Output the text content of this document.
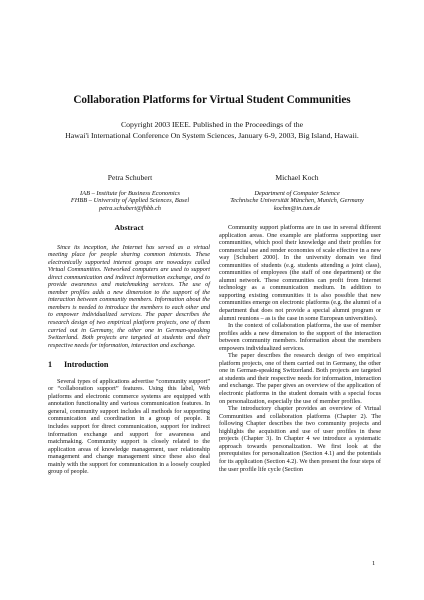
Collaboration Platforms for Virtual Student Communities
Copyright 2003 IEEE. Published in the Proceedings of the
Hawai'i International Conference On System Sciences, January 6-9, 2003, Big Island, Hawaii.
Petra Schubert
IAB – Institute for Business Economics
FHBB – University of Applied Sciences, Basel
petra.schubert@fhbb.ch
Michael Koch
Department of Computer Science
Technische Universität München, Munich, Germany
kochm@in.tum.de
Abstract

Since its inception, the Internet has served as a virtual meeting place for people sharing common interests. These electronically supported interest groups are nowadays called Virtual Communities. Networked computers are used to support direct communication and indirect information exchange, and to provide awareness and matchmaking services. The use of member profiles adds a new dimension to the support of the interaction between community members. Information about the members is needed to introduce the members to each other and to empower individualized services. The paper describes the research design of two empirical platform projects, one of them carried out in Germany, the other one in German-speaking Switzerland. Both projects are targeted at students and their respective needs for information, interaction and exchange.

1 Introduction

Several types of applications advertise “community support” or “collaboration support” features. Using this label, Web platforms and electronic commerce systems are equipped with annotation functionality and various communication features. In general, community support includes all methods for supporting communication and coordination in a group of people. It includes support for direct communication, support for indirect information exchange and support for awareness and matchmaking. Community support is closely related to the application areas of knowledge management, user relationship management and change management since these also deal mainly with the support for communication in a loosely coupled group of people.

Community support platforms are in use in several different application areas. One example are platforms supporting user communities, which pool their knowledge and their profiles for commercial use and render economies of scale effective in a new way [Schubert 2000]. In the university domain we find communities of students (e.g. students attending a joint class), communities of employees (the staff of one department) or the alumni network. These communities can profit from Internet technology as a communication medium. In addition to supporting existing communities it is also possible that new communities emerge on electronic platforms (e.g. the alumni of a department that does not provide a special alumni program or alumni reunions – as is the case in some European universities).

In the context of collaboration platforms, the use of member profiles adds a new dimension to the support of the interaction between community members. Information about the members empowers individualized services.

The paper describes the research design of two empirical platform projects, one of them carried out in Germany, the other one in German-speaking Switzerland. Both projects are targeted at students and their respective needs for information, interaction and exchange. The paper gives an overview of the application of electronic platforms in the student domain with a special focus on personalization, especially the use of member profiles.

The introductory chapter provides an overview of Virtual Communities and collaboration platforms (Chapter 2). The following Chapter describes the two community projects and highlights the acquisition and use of user profiles in these projects (Chapter 3). In Chapter 4 we introduce a systematic approach towards personalization. We first look at the prerequisites for personalization (Section 4.1) and the potentials for its application (Section 4.2). We then present the four steps of the user profile life cycle (Section

1
